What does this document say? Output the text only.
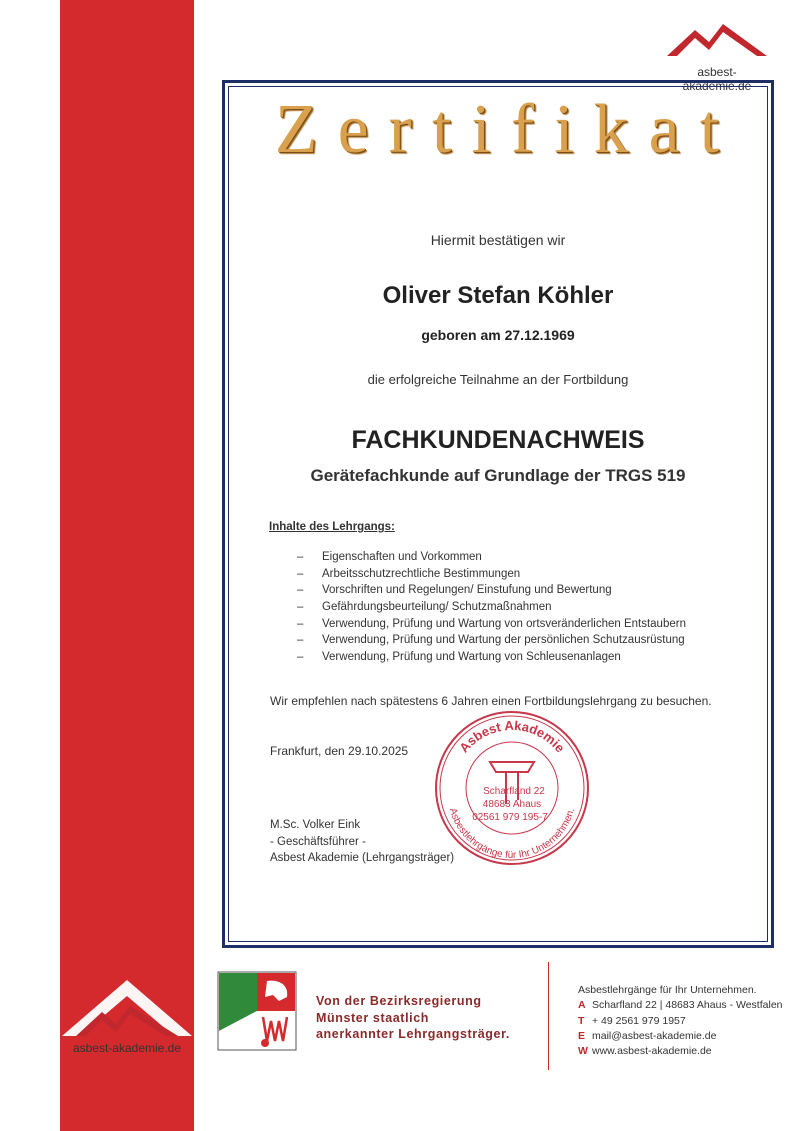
asbest-akademie.de
Zertifikat
Hiermit bestätigen wir
Oliver Stefan Köhler
geboren am 27.12.1969
die erfolgreiche Teilnahme an der Fortbildung
FACHKUNDENACHWEIS
Gerätefachkunde auf Grundlage der TRGS 519
Inhalte des Lehrgangs:
– Eigenschaften und Vorkommen
– Arbeitsschutzrechtliche Bestimmungen
– Vorschriften und Regelungen/ Einstufung und Bewertung
– Gefährdungsbeurteilung/ Schutzmaßnahmen
– Verwendung, Prüfung und Wartung von ortsveränderlichen Entstaubern
– Verwendung, Prüfung und Wartung der persönlichen Schutzausrüstung
– Verwendung, Prüfung und Wartung von Schleusenanlagen
Wir empfehlen nach spätestens 6 Jahren einen Fortbildungslehrgang zu besuchen.
Frankfurt, den 29.10.2025
M.Sc. Volker Eink
- Geschäftsführer -
Asbest Akademie (Lehrgangsträger)
Asbest Akademie
Asbestlehrgänge für Ihr Unternehmen.
Scharfland 22
48683 Ahaus
02561 979 195-7
asbest-akademie.de
Von der Bezirksregierung
Münster staatlich
anerkannter Lehrgangsträger.
Asbestlehrgänge für Ihr Unternehmen.
A Scharfland 22 | 48683 Ahaus - Westfalen
T + 49 2561 979 1957
E mail@asbest-akademie.de
W www.asbest-akademie.de
